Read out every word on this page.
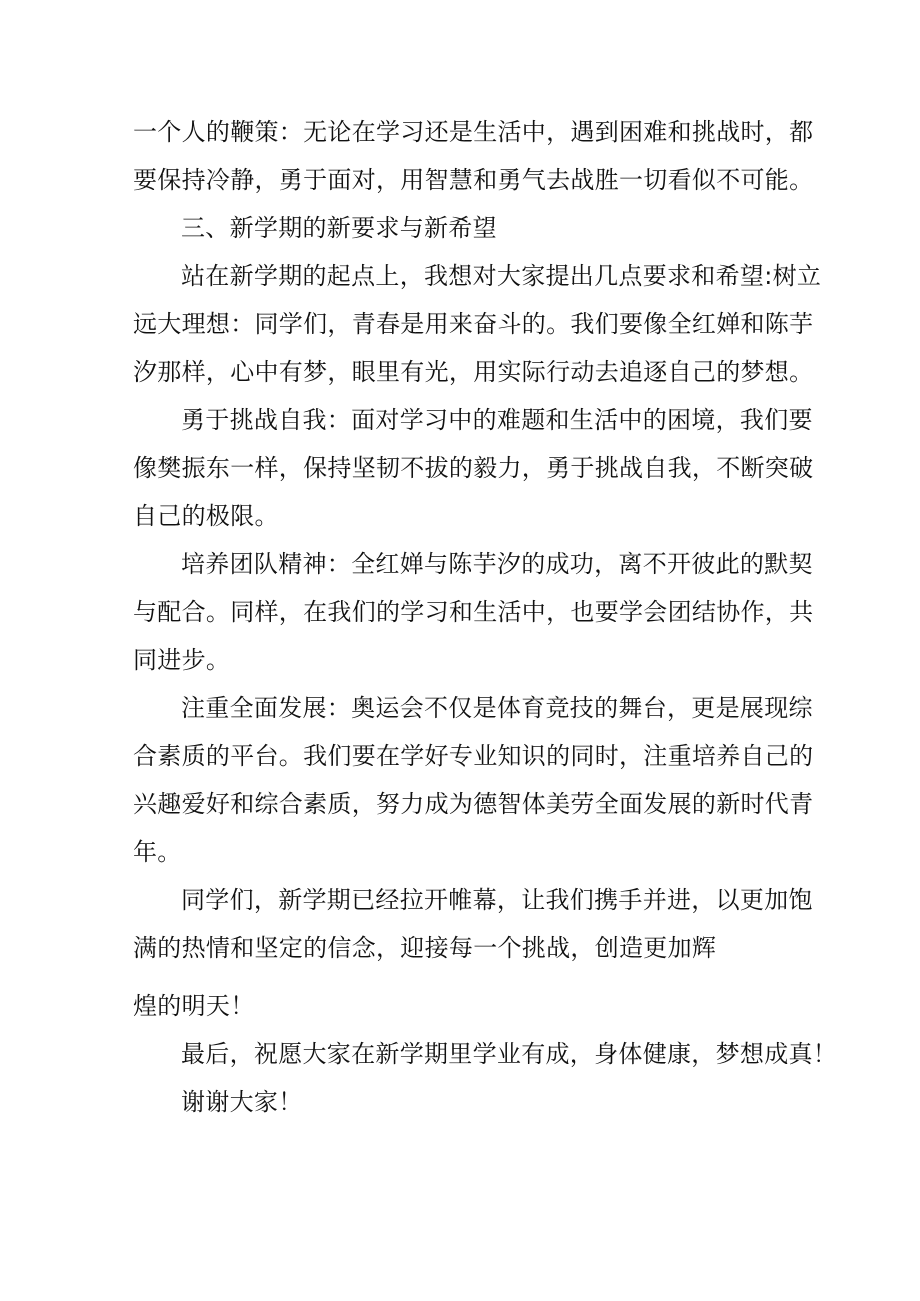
一个人的鞭策：无论在学习还是生活中，遇到困难和挑战时，都
要保持冷静，勇于面对，用智慧和勇气去战胜一切看似不可能。
三、新学期的新要求与新希望
站在新学期的起点上，我想对大家提出几点要求和希望:树立
远大理想：同学们，青春是用来奋斗的。我们要像全红婵和陈芋
汐那样，心中有梦，眼里有光，用实际行动去追逐自己的梦想。
勇于挑战自我：面对学习中的难题和生活中的困境，我们要
像樊振东一样，保持坚韧不拔的毅力，勇于挑战自我，不断突破
自己的极限。
培养团队精神：全红婵与陈芋汐的成功，离不开彼此的默契
与配合。同样，在我们的学习和生活中，也要学会团结协作，共
同进步。
注重全面发展：奥运会不仅是体育竞技的舞台，更是展现综
合素质的平台。我们要在学好专业知识的同时，注重培养自己的
兴趣爱好和综合素质，努力成为德智体美劳全面发展的新时代青
年。
同学们，新学期已经拉开帷幕，让我们携手并进，以更加饱
满的热情和坚定的信念，迎接每一个挑战，创造更加辉
煌的明天！
最后，祝愿大家在新学期里学业有成，身体健康，梦想成真！
谢谢大家！
